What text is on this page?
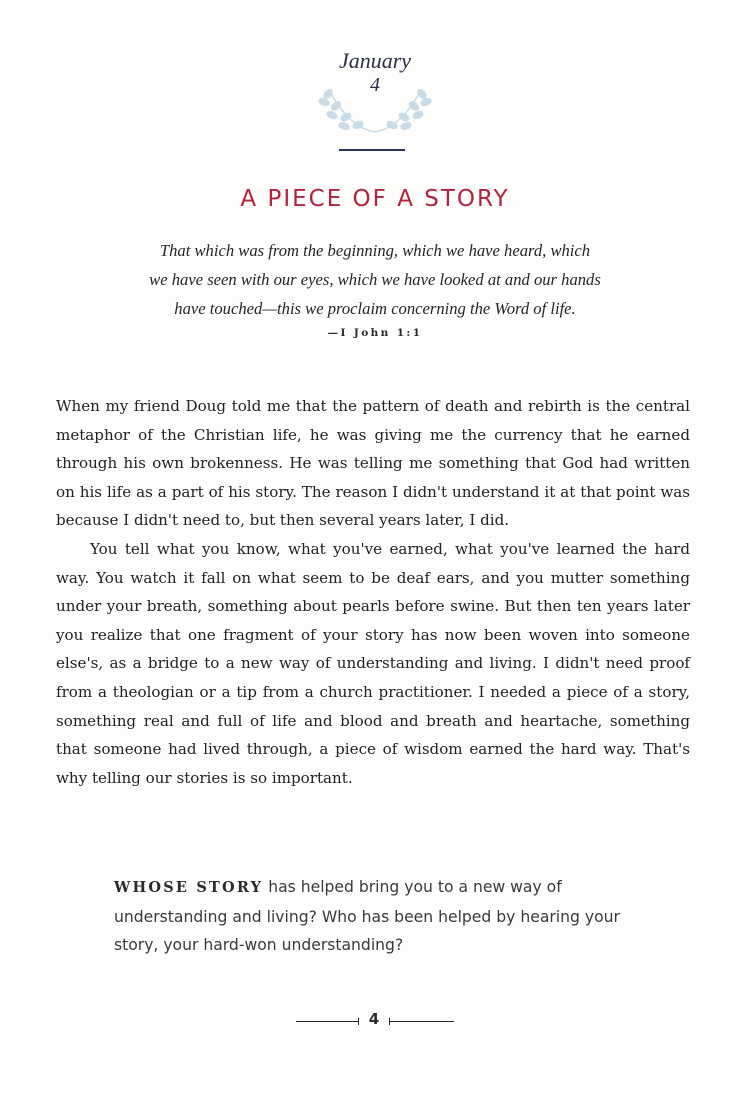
January
4
A PIECE OF A STORY
That which was from the beginning, which we have heard, which
we have seen with our eyes, which we have looked at and our hands
have touched—this we proclaim concerning the Word of life.
—I John 1:1

When my friend Doug told me that the pattern of death and rebirth is the central metaphor of the Christian life, he was giving me the currency that he earned through his own brokenness. He was telling me something that God had written on his life as a part of his story. The reason I didn't understand it at that point was because I didn't need to, but then several years later, I did.

You tell what you know, what you've earned, what you've learned the hard way. You watch it fall on what seem to be deaf ears, and you mutter something under your breath, something about pearls before swine. But then ten years later you realize that one fragment of your story has now been woven into someone else's, as a bridge to a new way of understanding and living. I didn't need proof from a theologian or a tip from a church practitioner. I needed a piece of a story, something real and full of life and blood and breath and heartache, something that someone had lived through, a piece of wisdom earned the hard way. That's why telling our stories is so important.

WHOSE STORY has helped bring you to a new way of understanding and living? Who has been helped by hearing your story, your hard-won understanding?
4
